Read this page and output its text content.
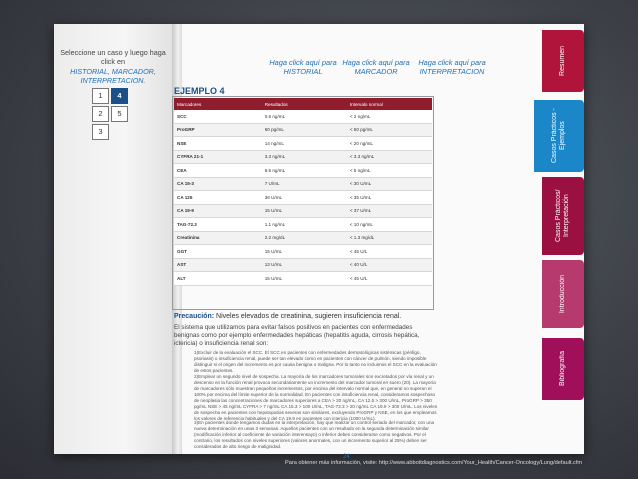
Seleccione un caso y luego haga click en
HISTORIAL, MARCADOR, INTERPRETACION.
1	4
2	5
3
Haga click aquí para
HISTORIAL
Haga click aquí para
MARCADOR
Haga click aquí para
INTERPRETACION
EJEMPLO 4
Marcadores	Resultados	Intervalo normal
SCC	0.6 ng/mL	< 2 ng/mL
ProGRP	60 pg/mL	< 50 pg/mL
NSE	14 ng/mL	< 20 ng/mL
CYFRA 21-1	3.3 ng/mL	< 3.3 ng/mL
CEA	6.5 ng/mL	< 5 ng/mL
CA 15-3	7 U/mL	< 30 U/mL
CA 125	36 U/mL	< 35 U/mL
CA 19-9	15 U/mL	< 37 U/mL
TAG-72.3	1.1 ng/mL	< 10 ng/mL
Creatinina	2.2 mg/dL	< 1.3 mg/dL
GGT	15 U/mL	< 45 U/L
AST	13 U/mL	< 40 U/L
ALT	15 U/mL	< 45 U/L
Precaución: Niveles elevados de creatinina, sugieren insuficiencia renal.
El sistema que utilizamos para evitar falsos positivos en pacientes con enfermedades benignas como por ejemplo enfermedades hepáticas (hepatitis aguda, cirrosis hepática, ictericia) o insuficiencia renal son:
1)Excluir de la evaluación el SCC. El SCC en pacientes con enfermedades dermatológicas sistémicas (pénfigo, psoriasis) o insuficiencia renal, puede ser tan elevado como en pacientes con cáncer de pulmón, siendo imposible distinguir si el origen del incremento es por causa benigna o maligna. Por lo tanto no incluimos el SCC en la evaluación de estos pacientes.
2)Emplear un segundo nivel de sospecha. La mayoría de los marcadores tumorales son excretados por vía renal y un descenso en la función renal provoca secundariamente un incremento del marcador tumoral en suero (20). La mayoría de marcadores sólo muestran pequeños incrementos, por encima del intervalo normal que, en general no superan el 100% por encima del límite superior de la normalidad. En pacientes con insuficiencia renal, consideramos sospechoso de neoplasia las concentraciones de marcadores superiores a CEA > 20 ng/mL, CA 12.5 > 300 U/mL, ProGRP > 350 pg/mL NSE > 45 ng/mL CYFRA > 7 ng/mL CA 15.3 > 100 U/mL, TAG-72.3 > 20 ng/mL CA 19.9 > 300 U/mL. Los niveles de sospecha en pacientes con hepatopatías severas son similares, excluyendo ProGRP y NSE, en los que empleamos los valores de referencia habituales y del CA 19.9 en pacientes con ictericia (1000 U/mL).
3)En pacientes donde tengamos dudas en la interpretación, hay que realizar un control seriado del marcador, con una nueva determinación en unas 3 semanas. Aquellos pacientes con un resultado en la segunda determinación similar (modificación inferior al coeficiente de variación interensayo) o inferior deben considerarse como negativos. Por el contrario, los resultados con niveles superiores (valores anormales, con un incremento superior al 25%) deben ser considerados de alto riesgo de malignidad.
24
Para obtener más información, visite: http://www.abbottdiagnostics.com/Your_Health/Cancer-Oncology/Lung/default.cfm
Resumen
Casos Prácticos - Ejemplos
Casos Prácticos/ Interpretación
Introducción
Bibliografía
